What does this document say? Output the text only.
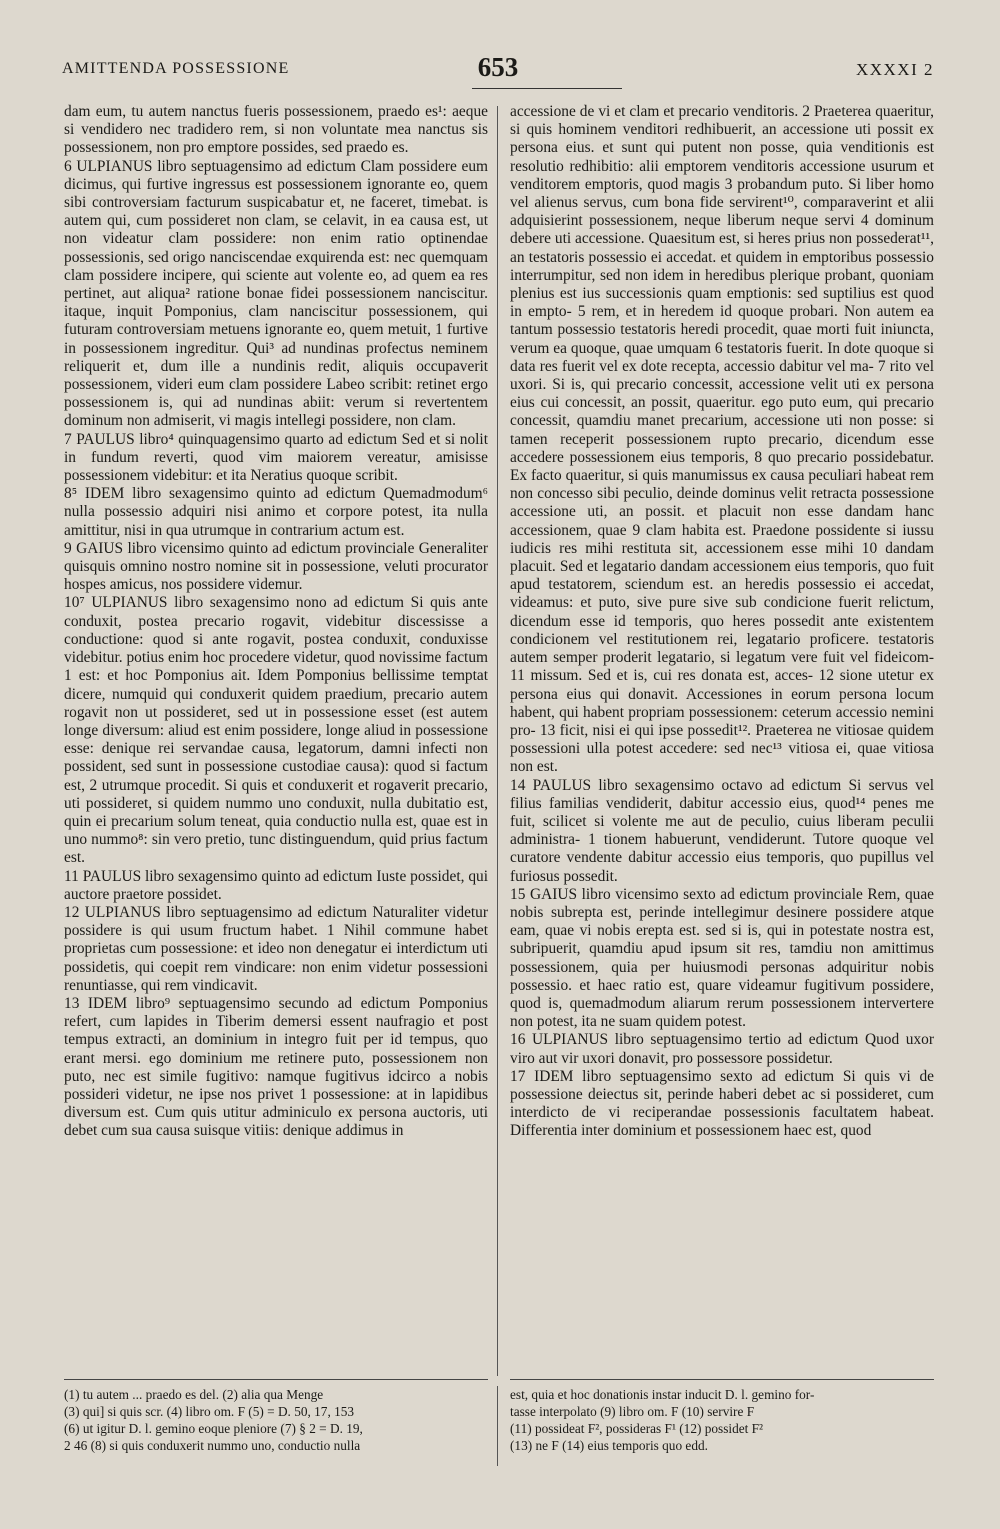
AMITTENDA POSSESSIONE	653	XXXXI 2

dam eum, tu autem nanctus fueris possessionem, praedo es¹: aeque si vendidero nec tradidero rem, si non voluntate mea nanctus sis possessionem, non pro emptore possides, sed praedo es.

6 ULPIANUS libro septuagensimo ad edictum Clam possidere eum dicimus, qui furtive ingressus est possessionem ignorante eo, quem sibi controversiam facturum suspicabatur et, ne faceret, timebat. is autem qui, cum possideret non clam, se celavit, in ea causa est, ut non videatur clam possidere: non enim ratio optinendae possessionis, sed origo nanciscendae exquirenda est: nec quemquam clam possidere incipere, qui sciente aut volente eo, ad quem ea res pertinet, aut aliqua² ratione bonae fidei possessionem nanciscitur. itaque, inquit Pomponius, clam nanciscitur possessionem, qui futuram controversiam metuens ignorante eo, quem metuit, 1 furtive in possessionem ingreditur. Qui³ ad nundinas profectus neminem reliquerit et, dum ille a nundinis redit, aliquis occupaverit possessionem, videri eum clam possidere Labeo scribit: retinet ergo possessionem is, qui ad nundinas abiit: verum si revertentem dominum non admiserit, vi magis intellegi possidere, non clam.

7 PAULUS libro⁴ quinquagensimo quarto ad edictum Sed et si nolit in fundum reverti, quod vim maiorem vereatur, amisisse possessionem videbitur: et ita Neratius quoque scribit.

8⁵ IDEM libro sexagensimo quinto ad edictum Quemadmodum⁶ nulla possessio adquiri nisi animo et corpore potest, ita nulla amittitur, nisi in qua utrumque in contrarium actum est.

9 GAIUS libro vicensimo quinto ad edictum provinciale Generaliter quisquis omnino nostro nomine sit in possessione, veluti procurator hospes amicus, nos possidere videmur.

10⁷ ULPIANUS libro sexagensimo nono ad edictum Si quis ante conduxit, postea precario rogavit, videbitur discessisse a conductione: quod si ante rogavit, postea conduxit, conduxisse videbitur. potius enim hoc procedere videtur, quod novissime factum 1 est: et hoc Pomponius ait. Idem Pomponius bellissime temptat dicere, numquid qui conduxerit quidem praedium, precario autem rogavit non ut possideret, sed ut in possessione esset (est autem longe diversum: aliud est enim possidere, longe aliud in possessione esse: denique rei servandae causa, legatorum, damni infecti non possident, sed sunt in possessione custodiae causa): quod si factum est, 2 utrumque procedit. Si quis et conduxerit et rogaverit precario, uti possideret, si quidem nummo uno conduxit, nulla dubitatio est, quin ei precarium solum teneat, quia conductio nulla est, quae est in uno nummo⁸: sin vero pretio, tunc distinguendum, quid prius factum est.

11 PAULUS libro sexagensimo quinto ad edictum Iuste possidet, qui auctore praetore possidet.

12 ULPIANUS libro septuagensimo ad edictum Naturaliter videtur possidere is qui usum fructum habet. 1 Nihil commune habet proprietas cum possessione: et ideo non denegatur ei interdictum uti possidetis, qui coepit rem vindicare: non enim videtur possessioni renuntiasse, qui rem vindicavit.

13 IDEM libro⁹ septuagensimo secundo ad edictum Pomponius refert, cum lapides in Tiberim demersi essent naufragio et post tempus extracti, an dominium in integro fuit per id tempus, quo erant mersi. ego dominium me retinere puto, possessionem non puto, nec est simile fugitivo: namque fugitivus idcirco a nobis possideri videtur, ne ipse nos privet 1 possessione: at in lapidibus diversum est. Cum quis utitur adminiculo ex persona auctoris, uti debet cum sua causa suisque vitiis: denique addimus in

accessione de vi et clam et precario venditoris. 2 Praeterea quaeritur, si quis hominem venditori redhibuerit, an accessione uti possit ex persona eius. et sunt qui putent non posse, quia venditionis est resolutio redhibitio: alii emptorem venditoris accessione usurum et venditorem emptoris, quod magis 3 probandum puto. Si liber homo vel alienus servus, cum bona fide servirent¹⁰, comparaverint et alii adquisierint possessionem, neque liberum neque servi 4 dominum debere uti accessione. Quaesitum est, si heres prius non possederat¹¹, an testatoris possessio ei accedat. et quidem in emptoribus possessio interrumpitur, sed non idem in heredibus plerique probant, quoniam plenius est ius successionis quam emptionis: sed suptilius est quod in empto- 5 rem, et in heredem id quoque probari. Non autem ea tantum possessio testatoris heredi procedit, quae morti fuit iniuncta, verum ea quoque, quae umquam 6 testatoris fuerit. In dote quoque si data res fuerit vel ex dote recepta, accessio dabitur vel ma- 7 rito vel uxori. Si is, qui precario concessit, accessione velit uti ex persona eius cui concessit, an possit, quaeritur. ego puto eum, qui precario concessit, quamdiu manet precarium, accessione uti non posse: si tamen receperit possessionem rupto precario, dicendum esse accedere possessionem eius temporis, 8 quo precario possidebatur. Ex facto quaeritur, si quis manumissus ex causa peculiari habeat rem non concesso sibi peculio, deinde dominus velit retracta possessione accessione uti, an possit. et placuit non esse dandam hanc accessionem, quae 9 clam habita est. Praedone possidente si iussu iudicis res mihi restituta sit, accessionem esse mihi 10 dandam placuit. Sed et legatario dandam accessionem eius temporis, quo fuit apud testatorem, sciendum est. an heredis possessio ei accedat, videamus: et puto, sive pure sive sub condicione fuerit relictum, dicendum esse id temporis, quo heres possedit ante existentem condicionem vel restitutionem rei, legatario proficere. testatoris autem semper proderit legatario, si legatum vere fuit vel fideicom- 11 missum. Sed et is, cui res donata est, acces- 12 sione utetur ex persona eius qui donavit. Accessiones in eorum persona locum habent, qui habent propriam possessionem: ceterum accessio nemini pro- 13 ficit, nisi ei qui ipse possedit¹². Praeterea ne vitiosae quidem possessioni ulla potest accedere: sed nec¹³ vitiosa ei, quae vitiosa non est.

14 PAULUS libro sexagensimo octavo ad edictum Si servus vel filius familias vendiderit, dabitur accessio eius, quod¹⁴ penes me fuit, scilicet si volente me aut de peculio, cuius liberam peculii administra- 1 tionem habuerunt, vendiderunt. Tutore quoque vel curatore vendente dabitur accessio eius temporis, quo pupillus vel furiosus possedit.

15 GAIUS libro vicensimo sexto ad edictum provinciale Rem, quae nobis subrepta est, perinde intellegimur desinere possidere atque eam, quae vi nobis erepta est. sed si is, qui in potestate nostra est, subripuerit, quamdiu apud ipsum sit res, tamdiu non amittimus possessionem, quia per huiusmodi personas adquiritur nobis possessio. et haec ratio est, quare videamur fugitivum possidere, quod is, quemadmodum aliarum rerum possessionem intervertere non potest, ita ne suam quidem potest.

16 ULPIANUS libro septuagensimo tertio ad edictum Quod uxor viro aut vir uxori donavit, pro possessore possidetur.

17 IDEM libro septuagensimo sexto ad edictum Si quis vi de possessione deiectus sit, perinde haberi debet ac si possideret, cum interdicto de vi reciperandae possessionis facultatem habeat. Differentia inter dominium et possessionem haec est, quod

(1) tu autem ... praedo es del. (2) alia qua Menge
(3) qui] si quis scr. (4) libro om. F (5) = D. 50, 17, 153
(6) ut igitur D. l. gemino eoque pleniore (7) § 2 = D. 19,
2 46 (8) si quis conduxerit nummo uno, conductio nulla
est, quia et hoc donationis instar inducit D. l. gemino for-
tasse interpolato (9) libro om. F (10) servire F
(11) possideat F², possideras F¹ (12) possidet F²
(13) ne F (14) eius temporis quo edd.
